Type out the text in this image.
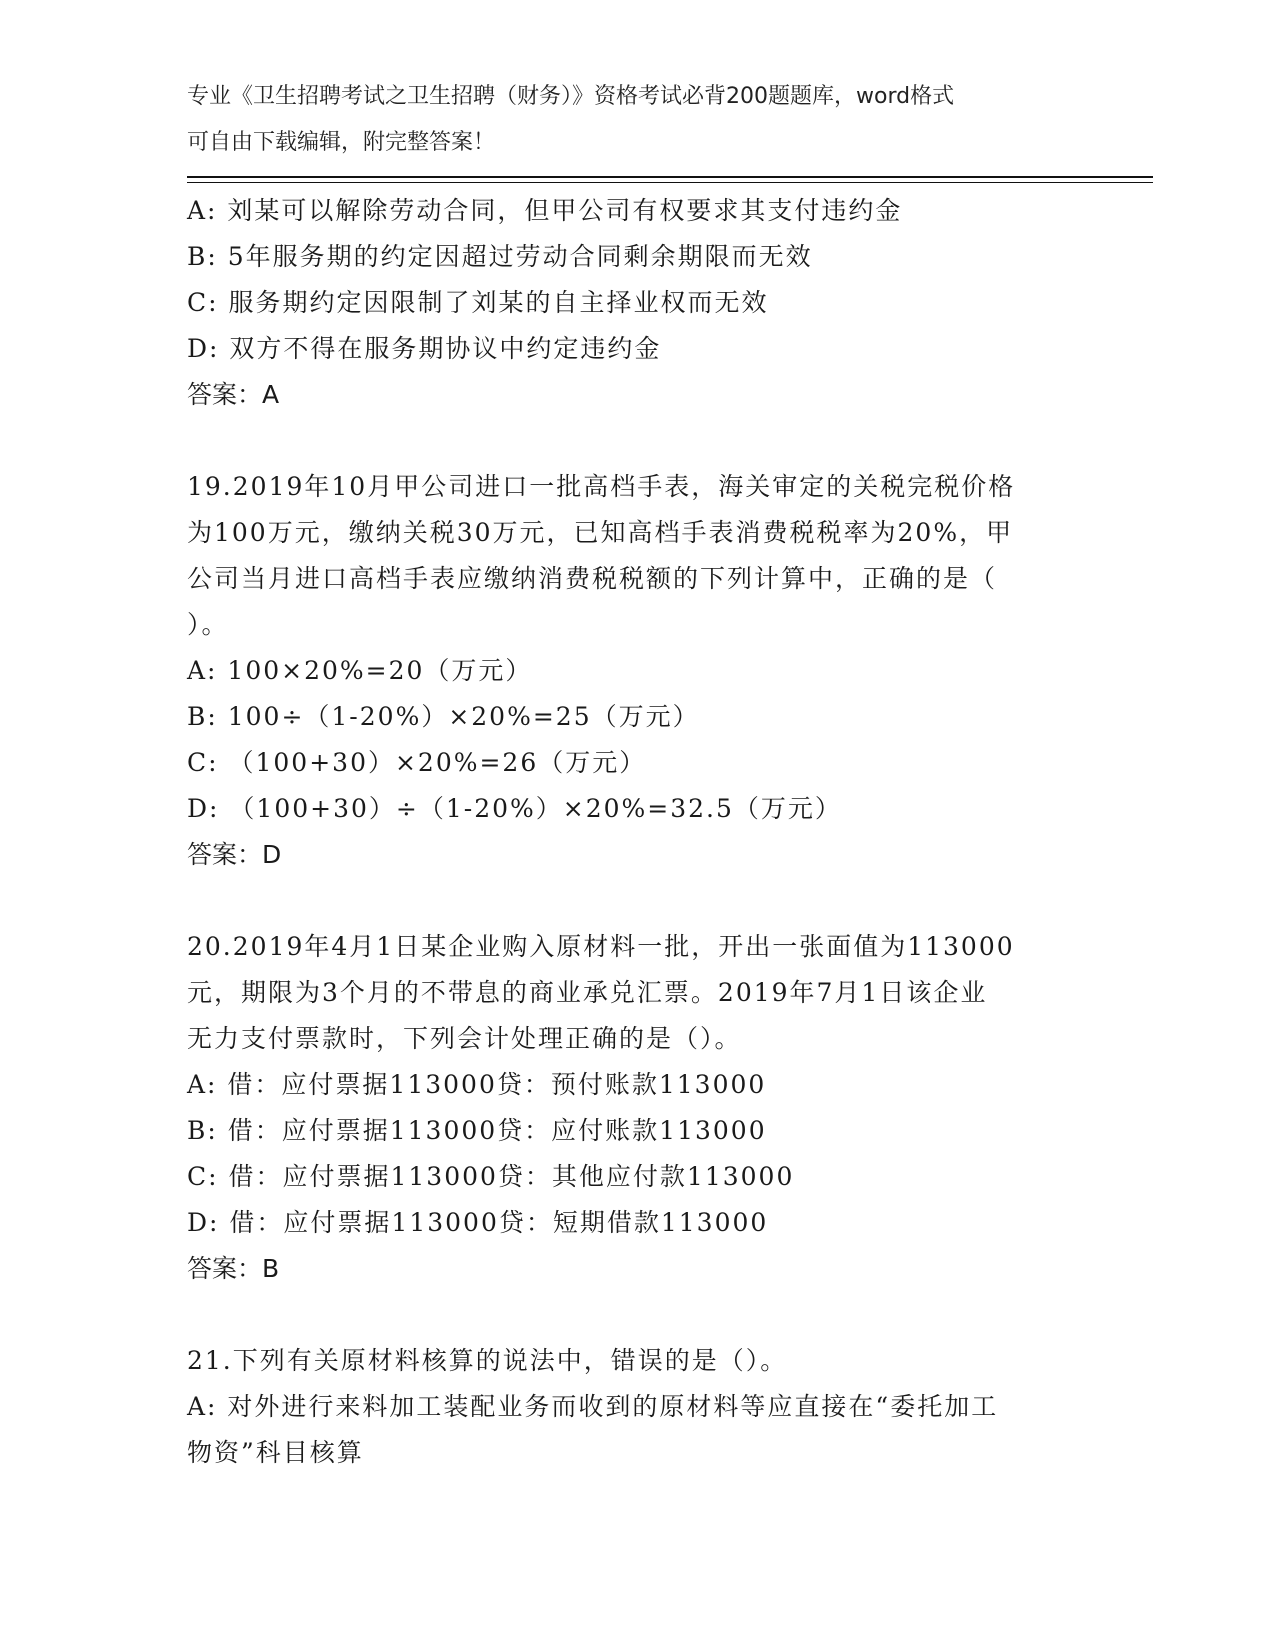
专业《卫生招聘考试之卫生招聘（财务）》资格考试必背200题题库，word格式
可自由下载编辑，附完整答案！
A: 刘某可以解除劳动合同，但甲公司有权要求其支付违约金
B: 5年服务期的约定因超过劳动合同剩余期限而无效
C: 服务期约定因限制了刘某的自主择业权而无效
D: 双方不得在服务期协议中约定违约金
答案：A
19.2019年10月甲公司进口一批高档手表，海关审定的关税完税价格
为100万元，缴纳关税30万元，已知高档手表消费税税率为20%，甲
公司当月进口高档手表应缴纳消费税税额的下列计算中，正确的是（
）。
A: 100×20%=20（万元）
B: 100÷（1-20%）×20%=25（万元）
C: （100+30）×20%=26（万元）
D: （100+30）÷（1-20%）×20%=32.5（万元）
答案：D
20.2019年4月1日某企业购入原材料一批，开出一张面值为113000
元，期限为3个月的不带息的商业承兑汇票。2019年7月1日该企业
无力支付票款时，下列会计处理正确的是（）。
A: 借：应付票据113000贷：预付账款113000
B: 借：应付票据113000贷：应付账款113000
C: 借：应付票据113000贷：其他应付款113000
D: 借：应付票据113000贷：短期借款113000
答案：B
21.下列有关原材料核算的说法中，错误的是（）。
A: 对外进行来料加工装配业务而收到的原材料等应直接在“委托加工
物资”科目核算
